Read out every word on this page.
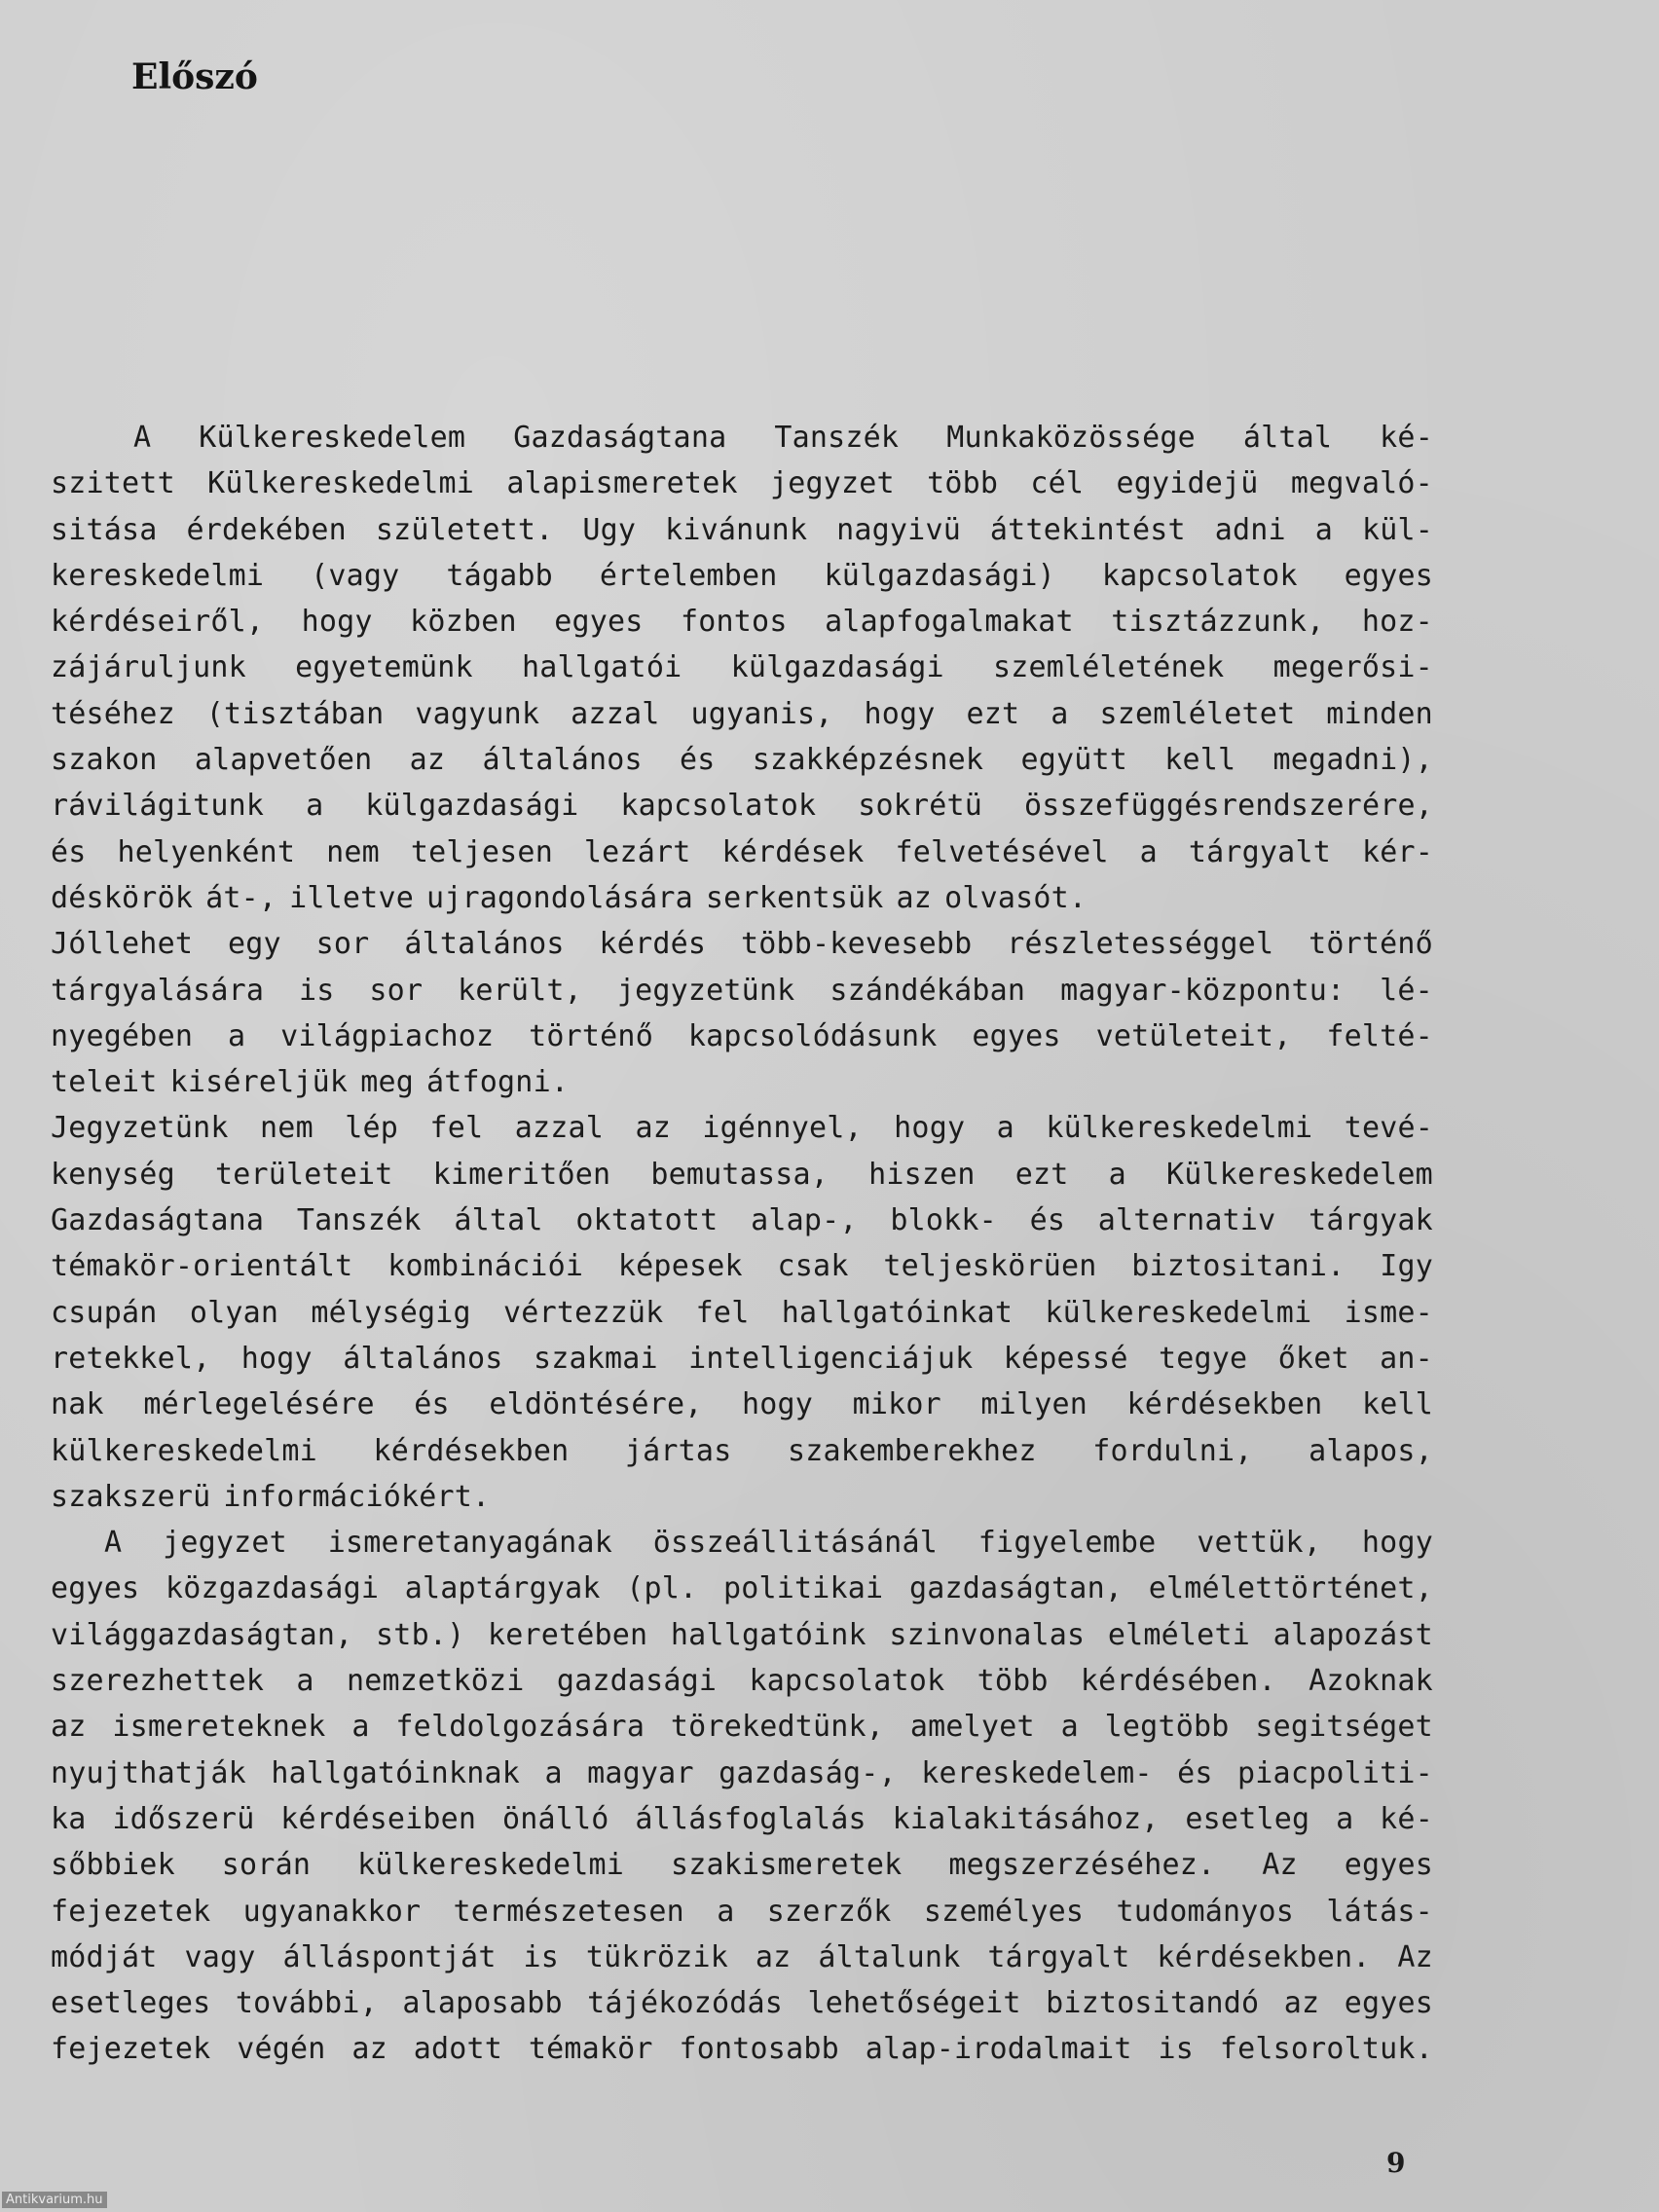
Előszó
A Külkereskedelem Gazdaságtana Tanszék Munkaközössége által ké-
szitett Külkereskedelmi alapismeretek jegyzet több cél egyidejü megvaló-
sitása érdekében született. Ugy kivánunk nagyivü áttekintést adni a kül-
kereskedelmi (vagy tágabb értelemben külgazdasági) kapcsolatok egyes
kérdéseiről, hogy közben egyes fontos alapfogalmakat tisztázzunk, hoz-
zájáruljunk egyetemünk hallgatói külgazdasági szemléletének megerősi-
téséhez (tisztában vagyunk azzal ugyanis, hogy ezt a szemléletet minden
szakon alapvetően az általános és szakképzésnek együtt kell megadni),
rávilágitunk a külgazdasági kapcsolatok sokrétü összefüggésrendszerére,
és helyenként nem teljesen lezárt kérdések felvetésével a tárgyalt kér-
déskörök át-, illetve ujragondolására serkentsük az olvasót.
Jóllehet egy sor általános kérdés több-kevesebb részletességgel történő
tárgyalására is sor került, jegyzetünk szándékában magyar-központu: lé-
nyegében a világpiachoz történő kapcsolódásunk egyes vetületeit, felté-
teleit kiséreljük meg átfogni.
Jegyzetünk nem lép fel azzal az igénnyel, hogy a külkereskedelmi tevé-
kenység területeit kimeritően bemutassa, hiszen ezt a Külkereskedelem
Gazdaságtana Tanszék által oktatott alap-, blokk- és alternativ tárgyak
témakör-orientált kombinációi képesek csak teljeskörüen biztositani. Igy
csupán olyan mélységig vértezzük fel hallgatóinkat külkereskedelmi isme-
retekkel, hogy általános szakmai intelligenciájuk képessé tegye őket an-
nak mérlegelésére és eldöntésére, hogy mikor milyen kérdésekben kell
külkereskedelmi kérdésekben jártas szakemberekhez fordulni, alapos,
szakszerü információkért.
A jegyzet ismeretanyagának összeállitásánál figyelembe vettük, hogy
egyes közgazdasági alaptárgyak (pl. politikai gazdaságtan, elmélettörténet,
világgazdaságtan, stb.) keretében hallgatóink szinvonalas elméleti alapozást
szerezhettek a nemzetközi gazdasági kapcsolatok több kérdésében. Azoknak
az ismereteknek a feldolgozására törekedtünk, amelyet a legtöbb segitséget
nyujthatják hallgatóinknak a magyar gazdaság-, kereskedelem- és piacpoliti-
ka időszerü kérdéseiben önálló állásfoglalás kialakitásához, esetleg a ké-
sőbbiek során külkereskedelmi szakismeretek megszerzéséhez. Az egyes
fejezetek ugyanakkor természetesen a szerzők személyes tudományos látás-
módját vagy álláspontját is tükrözik az általunk tárgyalt kérdésekben. Az
esetleges további, alaposabb tájékozódás lehetőségeit biztositandó az egyes
fejezetek végén az adott témakör fontosabb alap-irodalmait is felsoroltuk.
9
Antikvarium.hu
